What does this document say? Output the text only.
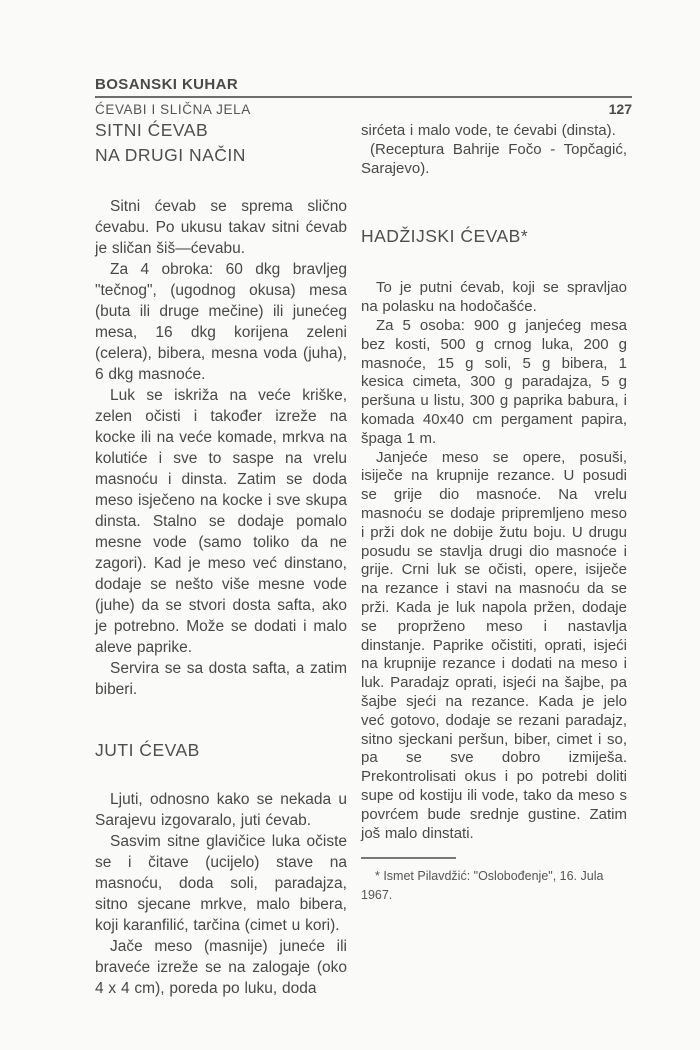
BOSANSKI KUHAR
ĆEVABI I SLIČNA JELA	127
SITNI ĆEVAB
NA DRUGI NAČIN

Sitni ćevab se sprema slično ćevabu. Po ukusu takav sitni ćevab je sličan šiš—ćevabu.

Za 4 obroka: 60 dkg bravljeg "tečnog", (ugodnog okusa) mesa (buta ili druge mečine) ili junećeg mesa, 16 dkg korijena zeleni (celera), bibera, mesna voda (juha), 6 dkg masnoće.

Luk se iskriža na veće kriške, zelen očisti i također izreže na kocke ili na veće komade, mrkva na kolutiće i sve to saspe na vrelu masnoću i dinsta. Zatim se doda meso isječeno na kocke i sve skupa dinsta. Stalno se dodaje pomalo mesne vode (samo toliko da ne zagori). Kad je meso već dinstano, dodaje se nešto više mesne vode (juhe) da se stvori dosta safta, ako je potrebno. Može se dodati i malo aleve paprike.

Servira se sa dosta safta, a zatim biberi.

JUTI ĆEVAB

Ljuti, odnosno kako se nekada u Sarajevu izgovaralo, juti ćevab.

Sasvim sitne glavičice luka očiste se i čitave (ucijelo) stave na masnoću, doda soli, paradajza, sitno sjecane mrkve, malo bibera, koji karanfilić, tarčina (cimet u kori).

Jače meso (masnije) juneće ili braveće izreže se na zalogaje (oko 4 x 4 cm), poreda po luku, doda

sirćeta i malo vode, te ćevabi (dinsta).

(Receptura Bahrije Fočo - Topčagić, Sarajevo).

HADŽIJSKI ĆEVAB*

To je putni ćevab, koji se spravljao na polasku na hodočašće.

Za 5 osoba: 900 g janjećeg mesa bez kosti, 500 g crnog luka, 200 g masnoće, 15 g soli, 5 g bibera, 1 kesica cimeta, 300 g paradajza, 5 g peršuna u listu, 300 g paprika babura, i komada 40x40 cm pergament papira, špaga 1 m.

Janjeće meso se opere, posuši, isiječe na krupnije rezance. U posudi se grije dio masnoće. Na vrelu masnoću se dodaje pripremljeno meso i prži dok ne dobije žutu boju. U drugu posudu se stavlja drugi dio masnoće i grije. Crni luk se očisti, opere, isiječe na rezance i stavi na masnoću da se prži. Kada je luk napola pržen, dodaje se proprženo meso i nastavlja dinstanje. Paprike očistiti, oprati, isjeći na krupnije rezance i dodati na meso i luk. Paradajz oprati, isjeći na šajbe, pa šajbe sjeći na rezance. Kada je jelo već gotovo, dodaje se rezani paradajz, sitno sjeckani peršun, biber, cimet i so, pa se sve dobro izmiješa. Prekontrolisati okus i po potrebi doliti supe od kostiju ili vode, tako da meso s povrćem bude srednje gustine. Zatim još malo dinstati.

* Ismet Pilavdžić: "Oslobođenje", 16. Jula 1967.
